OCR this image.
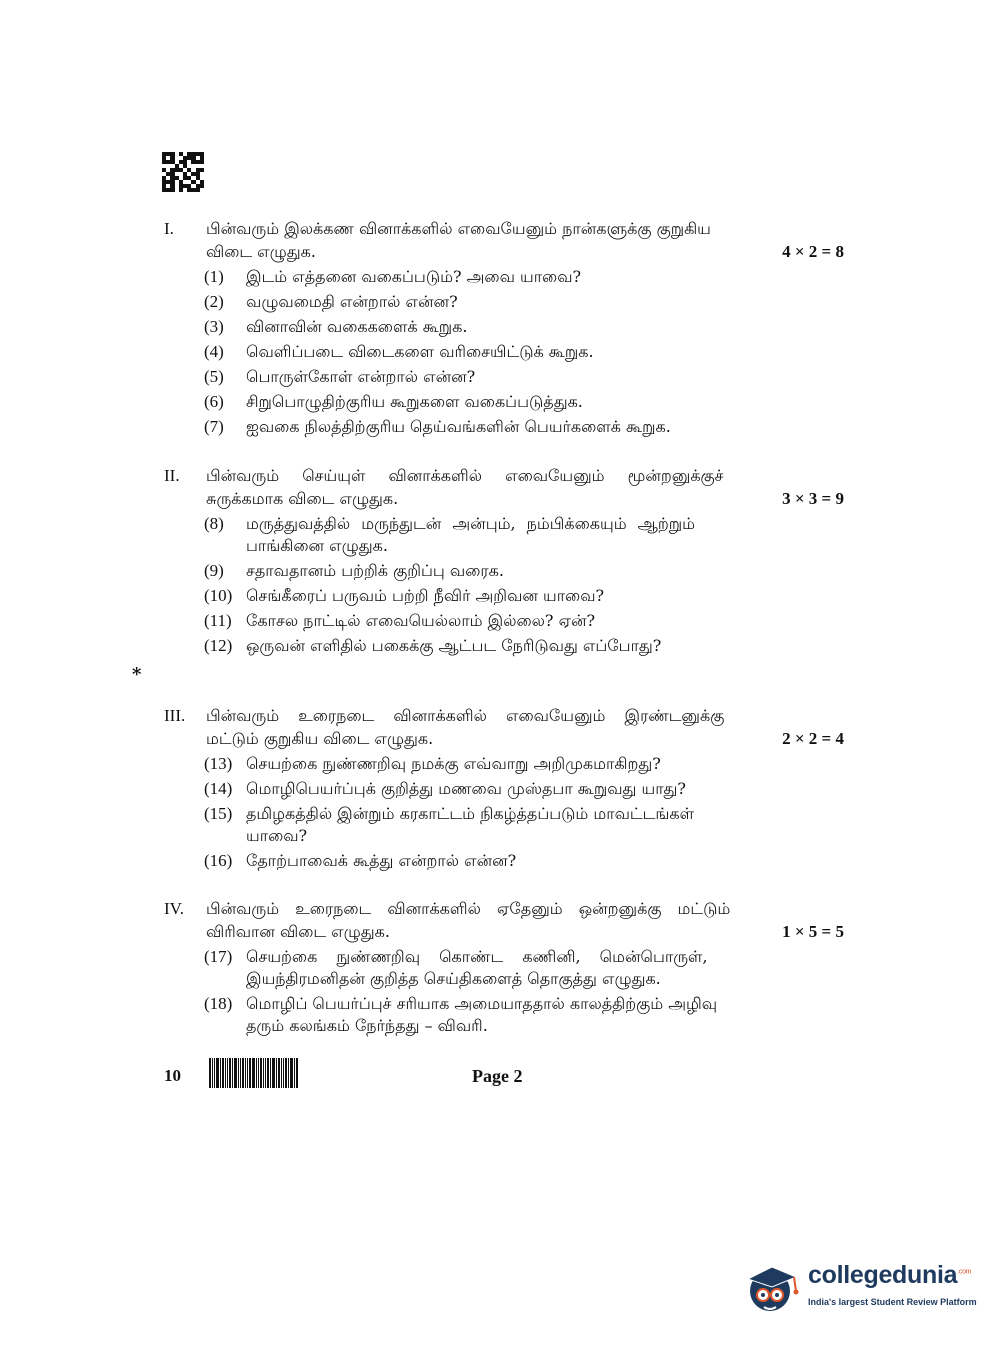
I. பின்வரும் இலக்கண வினாக்களில் எவையேனும் நான்களுக்கு குறுகிய
விடை எழுதுக.	4 × 2 = 8
(1) இடம் எத்தனை வகைப்படும்? அவை யாவை?
(2) வழுவமைதி என்றால் என்ன?
(3) வினாவின் வகைகளைக் கூறுக.
(4) வெளிப்படை விடைகளை வரிசையிட்டுக் கூறுக.
(5) பொருள்கோள் என்றால் என்ன?
(6) சிறுபொழுதிற்குரிய கூறுகளை வகைப்படுத்துக.
(7) ஐவகை நிலத்திற்குரிய தெய்வங்களின் பெயர்களைக் கூறுக.
II. பின்வரும் செய்யுள் வினாக்களில் எவையேனும் மூன்றனுக்குச்
சுருக்கமாக விடை எழுதுக.	3 × 3 = 9
(8) மருத்துவத்தில் மருந்துடன் அன்பும், நம்பிக்கையும் ஆற்றும்
பாங்கினை எழுதுக.
(9) சதாவதானம் பற்றிக் குறிப்பு வரைக.
(10) செங்கீரைப் பருவம் பற்றி நீவிர் அறிவன யாவை?
(11) கோசல நாட்டில் எவையெல்லாம் இல்லை? ஏன்?
(12) ஒருவன் எளிதில் பகைக்கு ஆட்பட நேரிடுவது எப்போது?
*
III. பின்வரும் உரைநடை வினாக்களில் எவையேனும் இரண்டனுக்கு
மட்டும் குறுகிய விடை எழுதுக.	2 × 2 = 4
(13) செயற்கை நுண்ணறிவு நமக்கு எவ்வாறு அறிமுகமாகிறது?
(14) மொழிபெயர்ப்புக் குறித்து மணவை முஸ்தபா கூறுவது யாது?
(15) தமிழகத்தில் இன்றும் கரகாட்டம் நிகழ்த்தப்படும் மாவட்டங்கள்
யாவை?
(16) தோற்பாவைக் கூத்து என்றால் என்ன?
IV. பின்வரும் உரைநடை வினாக்களில் ஏதேனும் ஒன்றனுக்கு மட்டும்
விரிவான விடை எழுதுக.	1 × 5 = 5
(17) செயற்கை நுண்ணறிவு கொண்ட கணினி, மென்பொருள்,
இயந்திரமனிதன் குறித்த செய்திகளைத் தொகுத்து எழுதுக.
(18) மொழிப் பெயர்ப்புச் சரியாக அமையாததால் காலத்திற்கும் அழிவு
தரும் கலங்கம் நேர்ந்தது – விவரி.
10	Page 2
collegedunia$^{.com}$
India's largest Student Review Platform
